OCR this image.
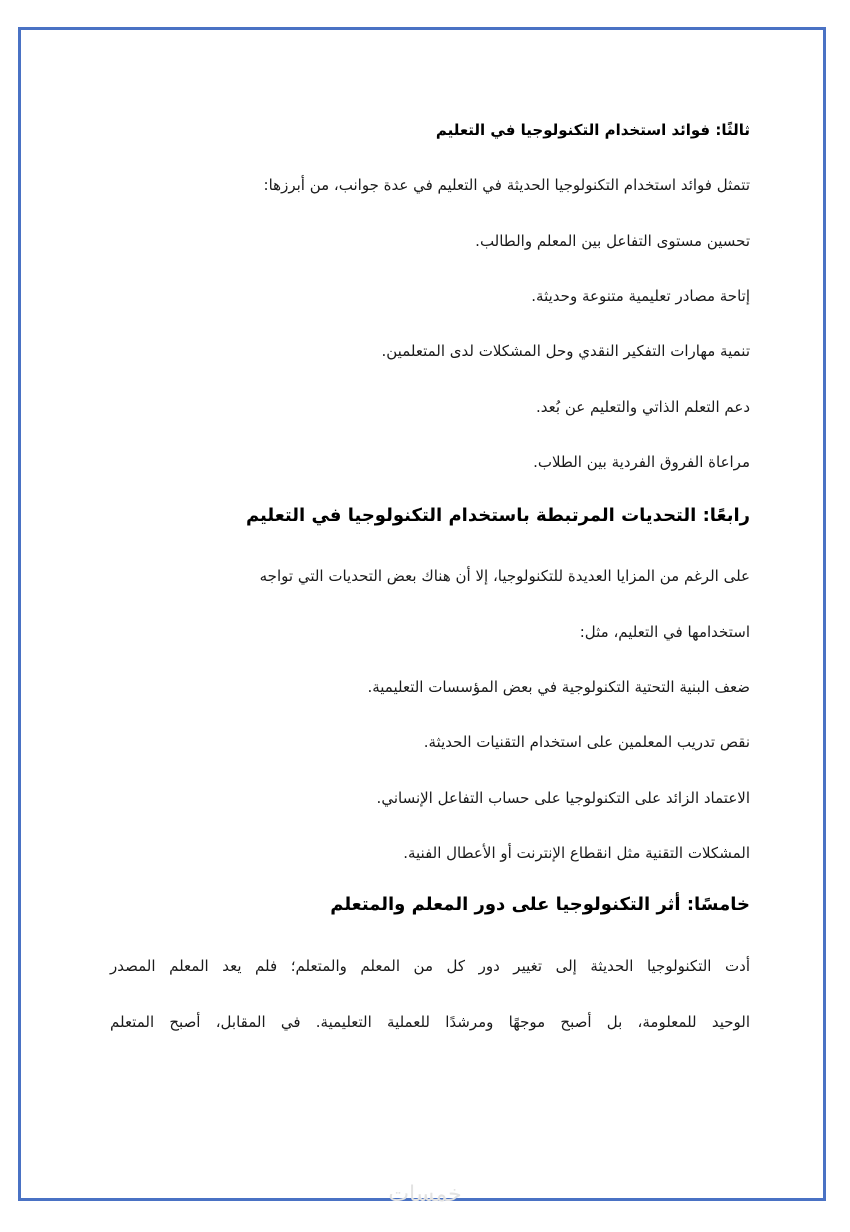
ثالثًا: فوائد استخدام التكنولوجيا في التعليم
تتمثل فوائد استخدام التكنولوجيا الحديثة في التعليم في عدة جوانب، من أبرزها:
تحسين مستوى التفاعل بين المعلم والطالب.
إتاحة مصادر تعليمية متنوعة وحديثة.
تنمية مهارات التفكير النقدي وحل المشكلات لدى المتعلمين.
دعم التعلم الذاتي والتعليم عن بُعد.
مراعاة الفروق الفردية بين الطلاب.
رابعًا: التحديات المرتبطة باستخدام التكنولوجيا في التعليم
على الرغم من المزايا العديدة للتكنولوجيا، إلا أن هناك بعض التحديات التي تواجه
استخدامها في التعليم، مثل:
ضعف البنية التحتية التكنولوجية في بعض المؤسسات التعليمية.
نقص تدريب المعلمين على استخدام التقنيات الحديثة.
الاعتماد الزائد على التكنولوجيا على حساب التفاعل الإنساني.
المشكلات التقنية مثل انقطاع الإنترنت أو الأعطال الفنية.
خامسًا: أثر التكنولوجيا على دور المعلم والمتعلم
أدت التكنولوجيا الحديثة إلى تغيير دور كل من المعلم والمتعلم؛ فلم يعد المعلم المصدر
الوحيد للمعلومة، بل أصبح موجهًا ومرشدًا للعملية التعليمية. في المقابل، أصبح المتعلم
خمسات
